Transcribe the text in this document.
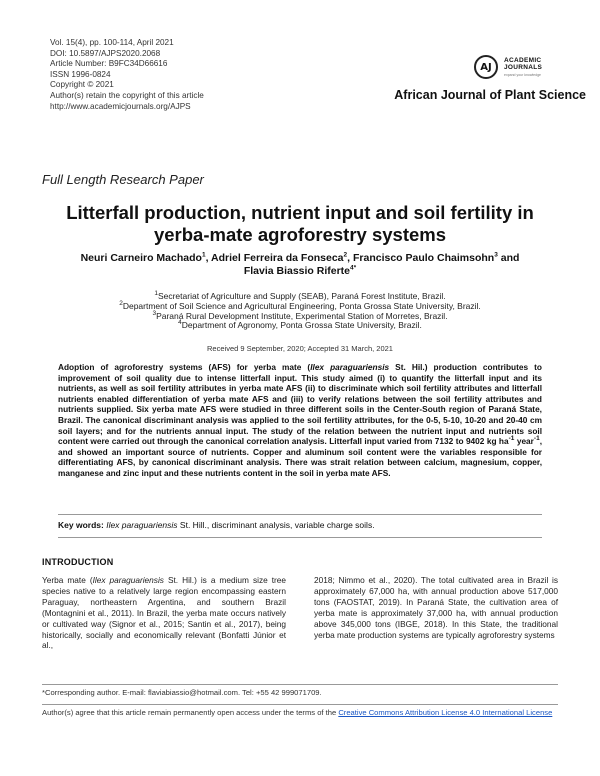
Vol. 15(4), pp. 100-114, April 2021
DOI: 10.5897/AJPS2020.2068
Article Number: B9FC34D66616
ISSN 1996-0824
Copyright © 2021
Author(s) retain the copyright of this article
http://www.academicjournals.org/AJPS
AJ
ACADEMIC
JOURNALS
expand your knowledge
African Journal of Plant Science
Full Length Research Paper
Litterfall production, nutrient input and soil fertility in yerba-mate agroforestry systems
Neuri Carneiro Machado$^1$, Adriel Ferreira da Fonseca$^2$, Francisco Paulo Chaimsohn$^3$ and
Flavia Biassio Riferte$^{4*}$
$^1$Secretariat of Agriculture and Supply (SEAB), Paraná Forest Institute, Brazil.
$^2$Department of Soil Science and Agricultural Engineering, Ponta Grossa State University, Brazil.
$^3$Paraná Rural Development Institute, Experimental Station of Morretes, Brazil.
$^4$Department of Agronomy, Ponta Grossa State University, Brazil.
Received 9 September, 2020; Accepted 31 March, 2021
Adoption of agroforestry systems (AFS) for yerba mate (Ilex paraguariensis St. Hil.) production contributes to improvement of soil quality due to intense litterfall input. This study aimed (i) to quantify the litterfall input and its nutrients, as well as soil fertility attributes in yerba mate AFS (ii) to discriminate which soil fertility attributes and litterfall nutrients enabled differentiation of yerba mate AFS and (iii) to verify relations between the soil fertility attributes and nutrients supplied. Six yerba mate AFS were studied in three different soils in the Center-South region of Paraná State, Brazil. The canonical discriminant analysis was applied to the soil fertility attributes, for the 0-5, 5-10, 10-20 and 20-40 cm soil layers; and for the nutrients annual input. The study of the relation between the nutrient input and nutrients soil content were carried out through the canonical correlation analysis. Litterfall input varied from 7132 to 9402 kg $ha^{-1}$ year$^{-1}$, and showed an important source of nutrients. Copper and aluminum soil content were the variables responsible for differentiating AFS, by canonical discriminant analysis. There was strait relation between calcium, magnesium, copper, manganese and zinc input and these nutrients content in the soil in yerba mate AFS.
Key words: Ilex paraguariensis St. Hill., discriminant analysis, variable charge soils.
INTRODUCTION
Yerba mate (Ilex paraguariensis St. Hil.) is a medium size tree species native to a relatively large region encompassing eastern Paraguay, northeastern Argentina, and southern Brazil (Montagnini et al., 2011). In Brazil, the yerba mate occurs natively or cultivated way (Signor et al., 2015; Santin et al., 2017), being historically, socially and economically relevant (Bonfatti Júnior et al.,
2018; Nimmo et al., 2020). The total cultivated area in Brazil is approximately 67,000 ha, with annual production above 517,000 tons (FAOSTAT, 2019). In Paraná State, the cultivation area of yerba mate is approximately 37,000 ha, with annual production above 345,000 tons (IBGE, 2018). In this State, the traditional yerba mate production systems are typically agroforestry systems
*Corresponding author. E-mail: flaviabiassio@hotmail.com. Tel: +55 42 999071709.
Author(s) agree that this article remain permanently open access under the terms of the Creative Commons Attribution License 4.0 International License
